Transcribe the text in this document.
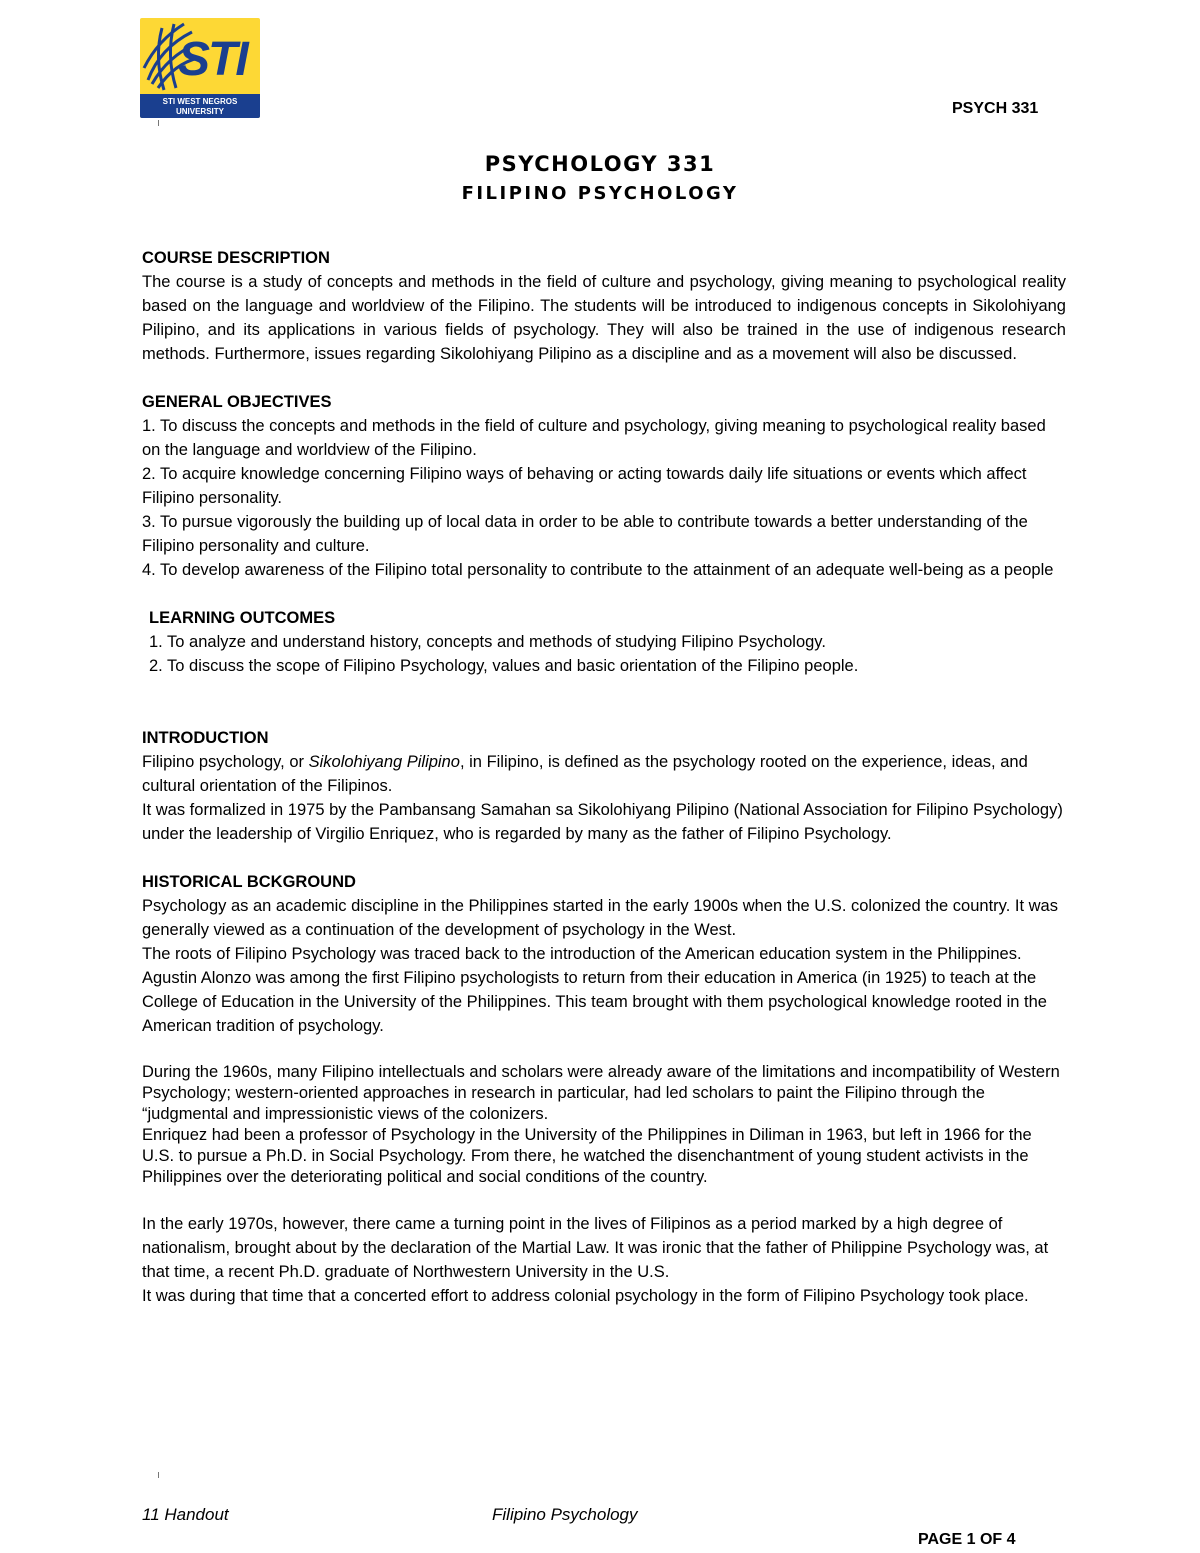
STI
STI WEST NEGROS
UNIVERSITY	PSYCH 331
PSYCHOLOGY 331
FILIPINO PSYCHOLOGY
COURSE DESCRIPTION
The course is a study of concepts and methods in the field of culture and psychology, giving meaning to psychological reality based on the language and worldview of the Filipino. The students will be introduced to indigenous concepts in Sikolohiyang Pilipino, and its applications in various fields of psychology. They will also be trained in the use of indigenous research methods. Furthermore, issues regarding Sikolohiyang Pilipino as a discipline and as a movement will also be discussed.
GENERAL OBJECTIVES
1. To discuss the concepts and methods in the field of culture and psychology, giving meaning to psychological reality based on the language and worldview of the Filipino.
2. To acquire knowledge concerning Filipino ways of behaving or acting towards daily life situations or events which affect Filipino personality.
3. To pursue vigorously the building up of local data in order to be able to contribute towards a better understanding of the Filipino personality and culture.
4. To develop awareness of the Filipino total personality to contribute to the attainment of an adequate well-being as a people
LEARNING OUTCOMES
1. To analyze and understand history, concepts and methods of studying Filipino Psychology.
2. To discuss the scope of Filipino Psychology, values and basic orientation of the Filipino people.
INTRODUCTION
Filipino psychology, or Sikolohiyang Pilipino, in Filipino, is defined as the psychology rooted on the experience, ideas, and cultural orientation of the Filipinos.
It was formalized in 1975 by the Pambansang Samahan sa Sikolohiyang Pilipino (National Association for Filipino Psychology) under the leadership of Virgilio Enriquez, who is regarded by many as the father of Filipino Psychology.
HISTORICAL BCKGROUND
Psychology as an academic discipline in the Philippines started in the early 1900s when the U.S. colonized the country. It was generally viewed as a continuation of the development of psychology in the West.
The roots of Filipino Psychology was traced back to the introduction of the American education system in the Philippines. Agustin Alonzo was among the first Filipino psychologists to return from their education in America (in 1925) to teach at the College of Education in the University of the Philippines. This team brought with them psychological knowledge rooted in the American tradition of psychology.
During the 1960s, many Filipino intellectuals and scholars were already aware of the limitations and incompatibility of Western Psychology; western-oriented approaches in research in particular, had led scholars to paint the Filipino through the “judgmental and impressionistic views of the colonizers.
Enriquez had been a professor of Psychology in the University of the Philippines in Diliman in 1963, but left in 1966 for the U.S. to pursue a Ph.D. in Social Psychology. From there, he watched the disenchantment of young student activists in the Philippines over the deteriorating political and social conditions of the country.
In the early 1970s, however, there came a turning point in the lives of Filipinos as a period marked by a high degree of nationalism, brought about by the declaration of the Martial Law. It was ironic that the father of Philippine Psychology was, at that time, a recent Ph.D. graduate of Northwestern University in the U.S.
It was during that time that a concerted effort to address colonial psychology in the form of Filipino Psychology took place.
11 Handout	Filipino Psychology
PAGE 1 OF 4
